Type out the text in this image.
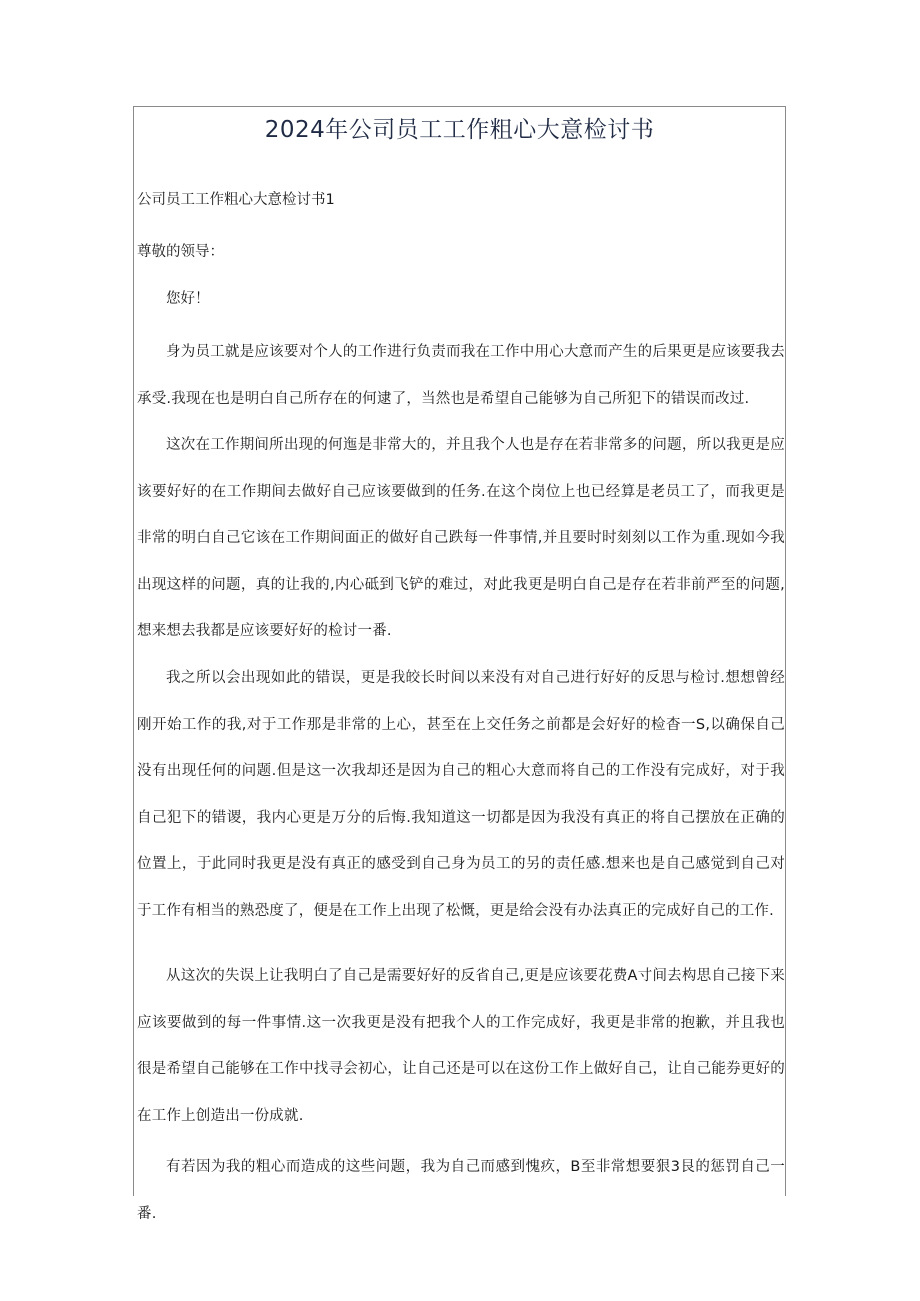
2024年公司员工工作粗心大意检讨书

公司员工工作粗心大意检讨书1

尊敬的领导：

您好！

身为员工就是应该要对个人的工作进行负责而我在工作中用心大意而产生的后果更是应该要我去承受.我现在也是明白自己所存在的何逮了，当然也是希望自己能够为自己所犯下的错误而改过.

这次在工作期间所出现的何迤是非常大的，并且我个人也是存在若非常多的问题，所以我更是应该要好好的在工作期间去做好自己应该要做到的任务.在这个岗位上也已经算是老员工了，而我更是非常的明白自己它该在工作期间面正的做好自己跌每一件事情,并且要时时刻刻以工作为重.现如今我出现这样的问题，真的让我的,内心砥到飞铲的难过，对此我更是明白自己是存在若非前严至的问题,想来想去我都是应该要好好的检讨一番.

我之所以会出现如此的错误，更是我皎长时间以来没有对自己进行好好的反思与检讨.想想曾经刚开始工作的我,对于工作那是非常的上心，甚至在上交任务之前都是会好好的检杳一S,以确保自己没有出现任何的问题.但是这一次我却还是因为自己的粗心大意而将自己的工作没有完成好，对于我自己犯下的错谡，我内心更是万分的后悔.我知道这一切都是因为我没有真正的将自己摆放在正确的位置上，于此同时我更是没有真正的感受到自己身为员工的另的责任感.想来也是自己感觉到自己对于工作有相当的熟恐度了，便是在工作上出现了松慨，更是给会没有办法真正的完成好自己的工作.

从这次的失误上让我明白了自己是需要好好的反省自己,更是应该要花费A寸间去构思自己接下来应该要做到的每一件事情.这一次我更是没有把我个人的工作完成好，我更是非常的抱歉，并且我也很是希望自己能够在工作中找寻会初心，让自己还是可以在这份工作上做好自己，让自己能券更好的在工作上创造出一份成就.

有若因为我的粗心而造成的这些问题，我为自己而感到愧疚，B至非常想要狠3艮的惩罚自己一番.
